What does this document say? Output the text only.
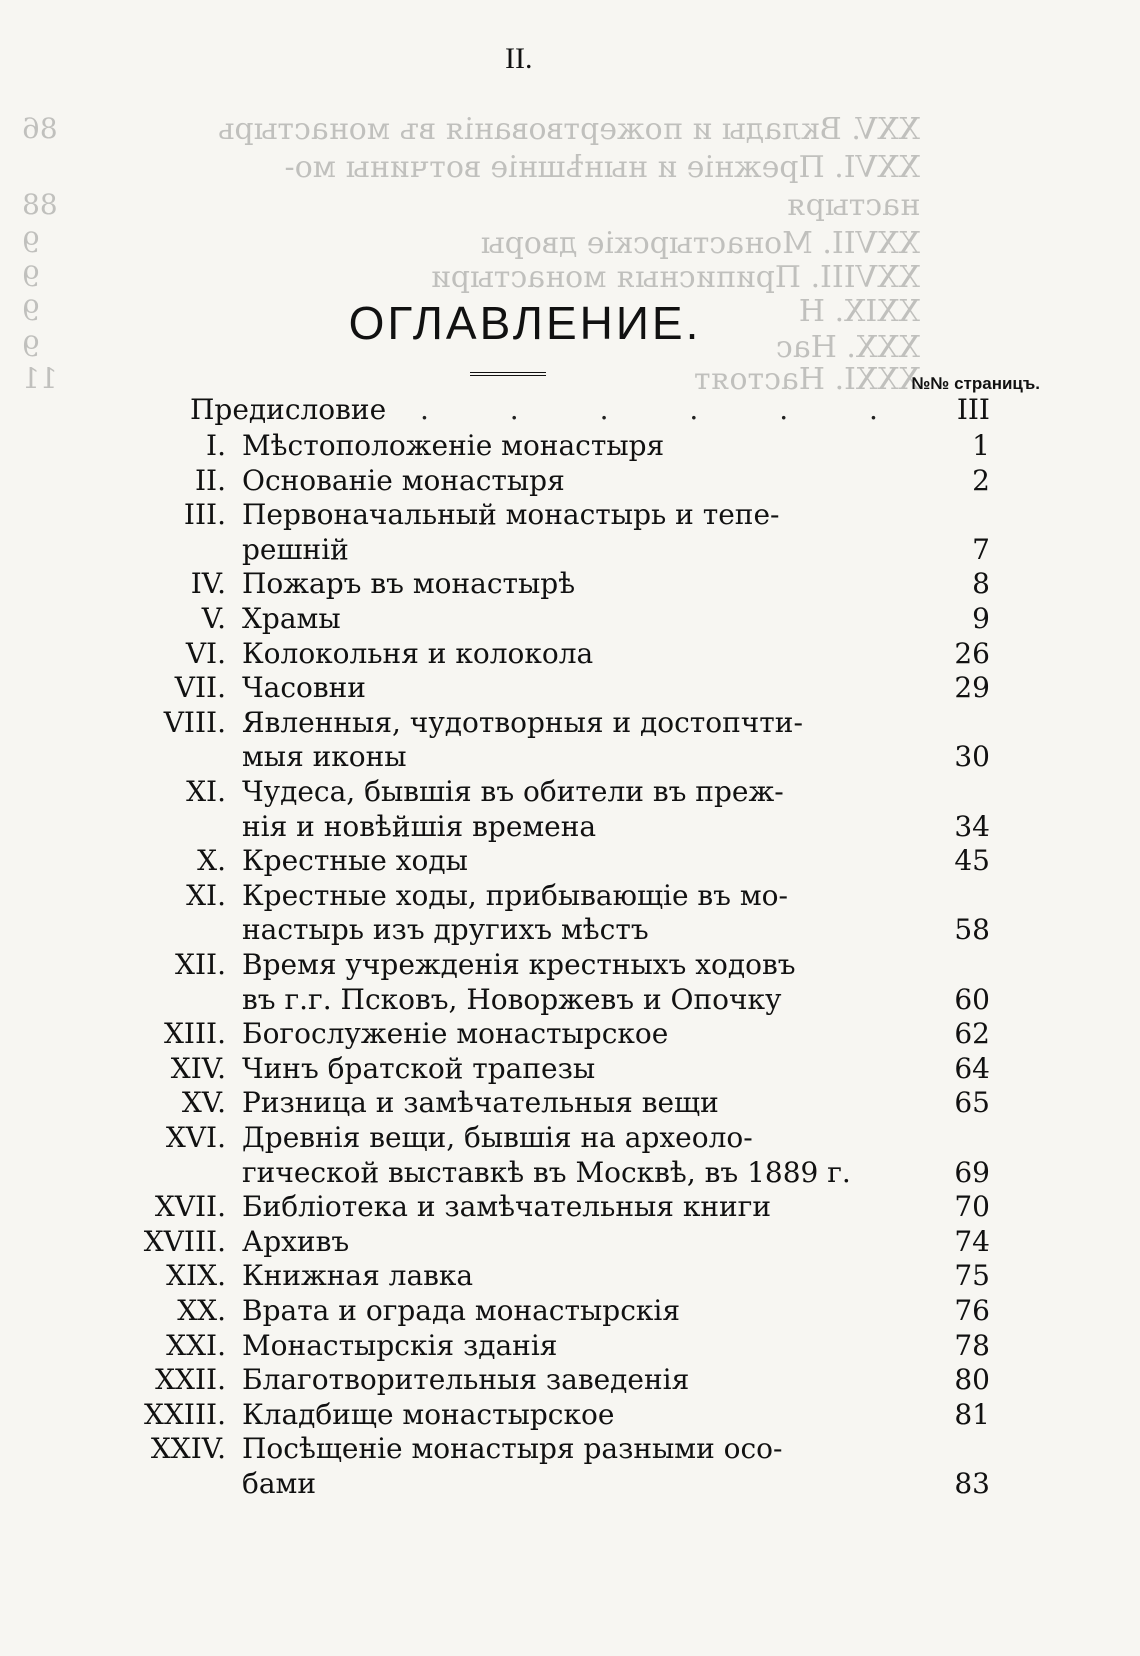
XXV. Вклады и пожертвованія въ монастырь
XXVI. Прежніе и нынѣшніе вотчины мо-
настыря
XXVII. Монастырскіе дворы
XXVIII. Приписныя монастыри
XXIX. Н
XXX. Нас
XXXI. Настоят
86
88
9
9
9
9
11
II.
ОГЛАВЛЕНИЕ.
№№ страницъ.
Предисловие . . . . . . III
I. Мѣстоположеніе монастыря	1
II. Основаніе монастыря	2
III. Первоначальный монастырь и тепе-
решній	7
IV. Пожаръ въ монастырѣ	8
V. Храмы	9
VI. Колокольня и колокола	26
VII. Часовни	29
VIII. Явленныя, чудотворныя и достопчти-
мыя иконы	30
XI. Чудеса, бывшія въ обители въ преж-
нія и новѣйшія времена	34
X. Крестные ходы	45
XI. Крестные ходы, прибывающіе въ мо-
настырь изъ другихъ мѣстъ	58
XII. Время учрежденія крестныхъ ходовъ
въ г.г. Псковъ, Новоржевъ и Опочку	60
XIII. Богослуженіе монастырское	62
XIV. Чинъ братской трапезы	64
XV. Ризница и замѣчательныя вещи	65
XVI. Древнія вещи, бывшія на археоло-
гической выставкѣ въ Москвѣ, въ 1889 г.	69
XVII. Библіотека и замѣчательныя книги	70
XVIII. Архивъ	74
XIX. Книжная лавка	75
XX. Врата и ограда монастырскія	76
XXI. Монастырскія зданія	78
XXII. Благотворительныя заведенія	80
XXIII. Кладбище монастырское	81
XXIV. Посѣщеніе монастыря разными осо-
бами	83
